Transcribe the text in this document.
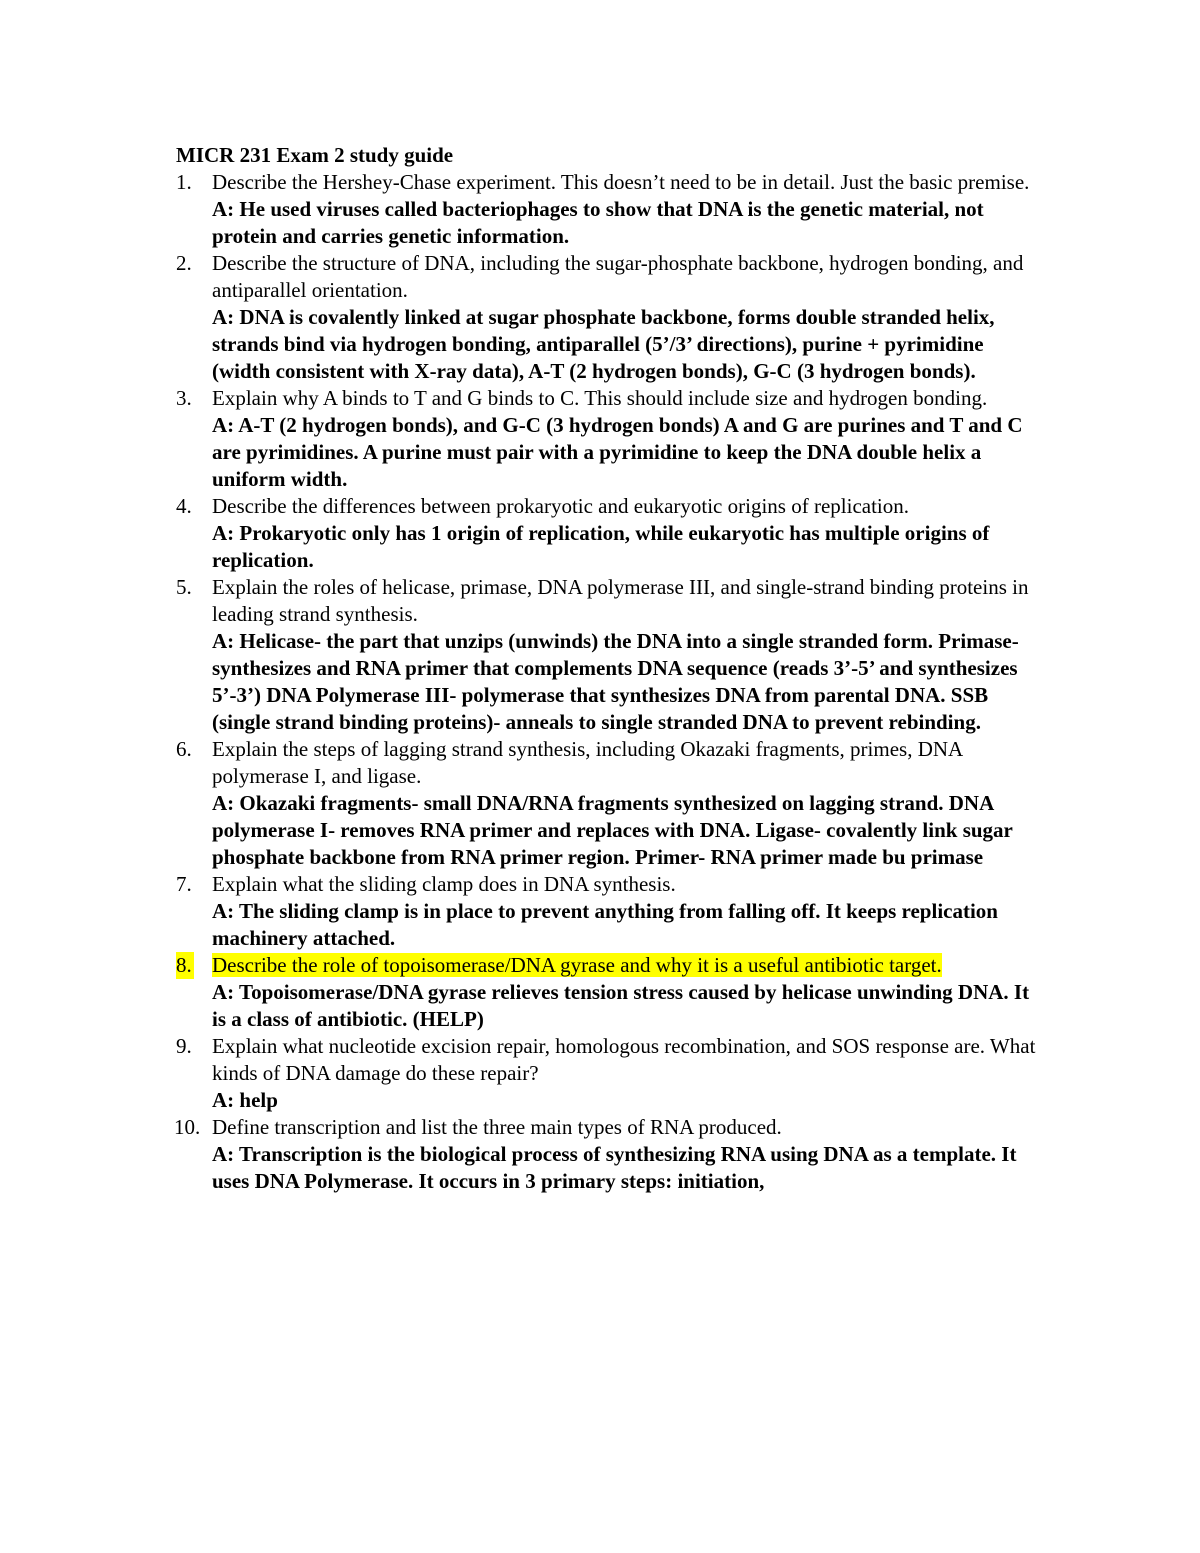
MICR 231 Exam 2 study guide
1. Describe the Hershey-Chase experiment. This doesn’t need to be in detail. Just the basic premise.
A: He used viruses called bacteriophages to show that DNA is the genetic material, not protein and carries genetic information.
2. Describe the structure of DNA, including the sugar-phosphate backbone, hydrogen bonding, and antiparallel orientation.
A: DNA is covalently linked at sugar phosphate backbone, forms double stranded helix, strands bind via hydrogen bonding, antiparallel (5’/3’ directions), purine + pyrimidine (width consistent with X-ray data), A-T (2 hydrogen bonds), G-C (3 hydrogen bonds).
3. Explain why A binds to T and G binds to C. This should include size and hydrogen bonding.
A: A-T (2 hydrogen bonds), and G-C (3 hydrogen bonds) A and G are purines and T and C are pyrimidines. A purine must pair with a pyrimidine to keep the DNA double helix a uniform width.
4. Describe the differences between prokaryotic and eukaryotic origins of replication.
A: Prokaryotic only has 1 origin of replication, while eukaryotic has multiple origins of replication.
5. Explain the roles of helicase, primase, DNA polymerase III, and single-strand binding proteins in leading strand synthesis.
A: Helicase- the part that unzips (unwinds) the DNA into a single stranded form. Primase- synthesizes and RNA primer that complements DNA sequence (reads 3’-5’ and synthesizes 5’-3’) DNA Polymerase III- polymerase that synthesizes DNA from parental DNA. SSB (single strand binding proteins)- anneals to single stranded DNA to prevent rebinding.
6. Explain the steps of lagging strand synthesis, including Okazaki fragments, primes, DNA polymerase I, and ligase.
A: Okazaki fragments- small DNA/RNA fragments synthesized on lagging strand. DNA polymerase I- removes RNA primer and replaces with DNA. Ligase- covalently link sugar phosphate backbone from RNA primer region. Primer- RNA primer made bu primase
7. Explain what the sliding clamp does in DNA synthesis.
A: The sliding clamp is in place to prevent anything from falling off. It keeps replication machinery attached.
8. Describe the role of topoisomerase/DNA gyrase and why it is a useful antibiotic target.
A: Topoisomerase/DNA gyrase relieves tension stress caused by helicase unwinding DNA. It is a class of antibiotic. (HELP)
9. Explain what nucleotide excision repair, homologous recombination, and SOS response are. What kinds of DNA damage do these repair?
A: help
10. Define transcription and list the three main types of RNA produced.
A: Transcription is the biological process of synthesizing RNA using DNA as a template. It uses DNA Polymerase. It occurs in 3 primary steps: initiation,
